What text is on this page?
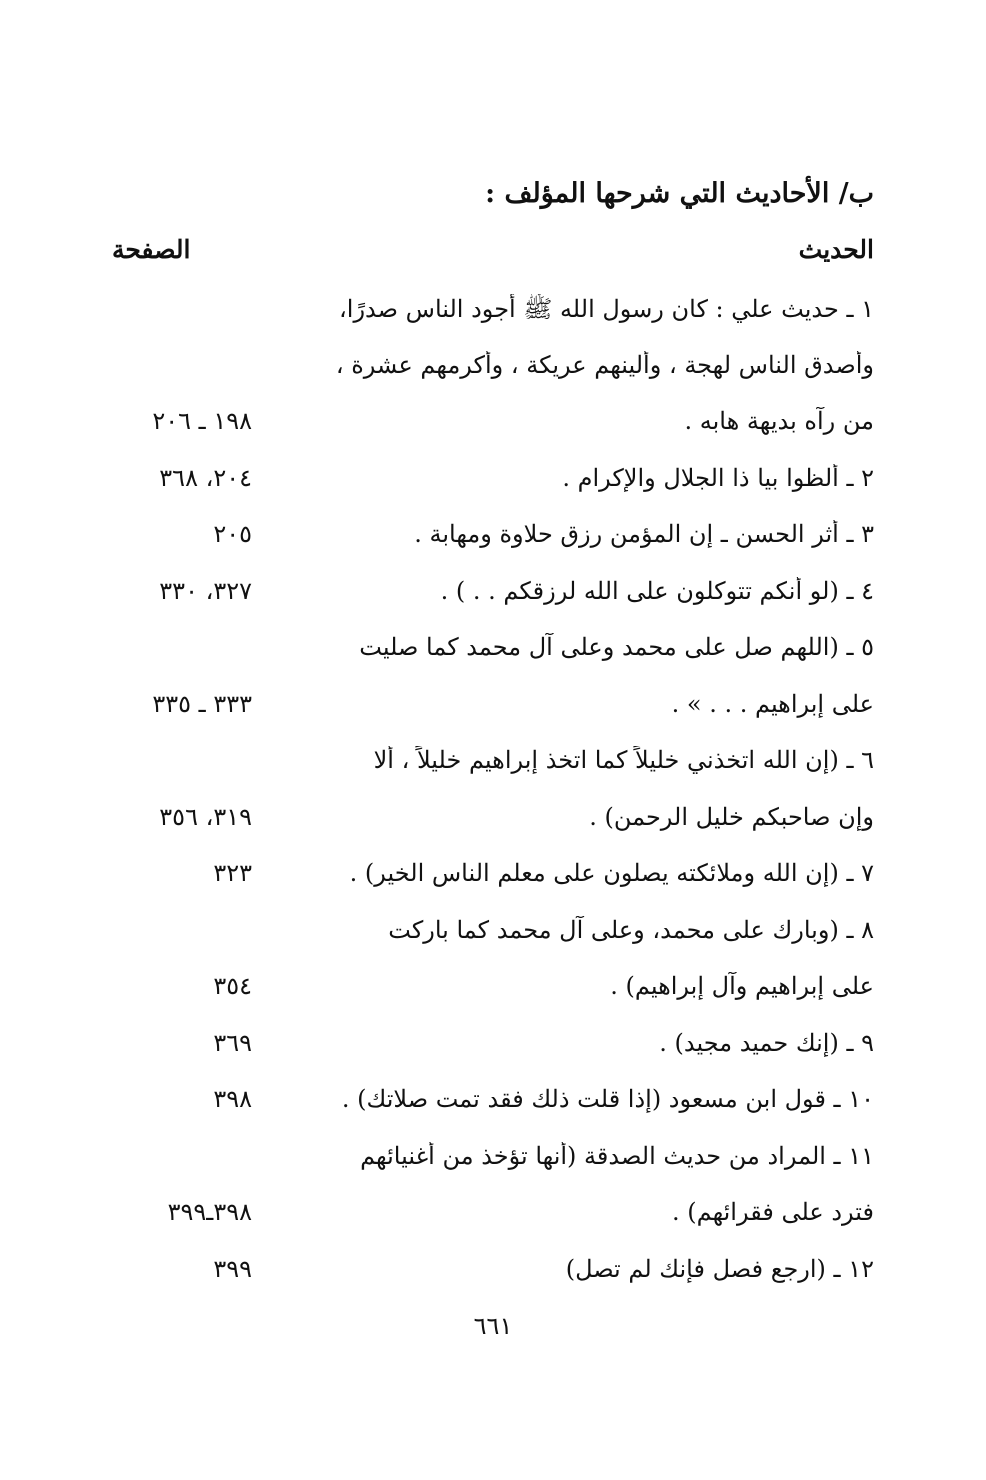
ب/ الأحاديث التي شرحها المؤلف :
الحديث
الصفحة
١ ـ حديث علي : كان رسول الله ﷺ أجود الناس صدرًا،
وأصدق الناس لهجة ، وألينهم عريكة ، وأكرمهم عشرة ،
من رآه بديهة هابه .
١٩٨ ـ ٢٠٦
٢ ـ ألظوا بيا ذا الجلال والإكرام .
٢٠٤، ٣٦٨
٣ ـ أثر الحسن ـ إن المؤمن رزق حلاوة ومهابة .
٢٠٥
٤ ـ (لو أنكم تتوكلون على الله لرزقكم . . ) .
٣٢٧، ٣٣٠
٥ ـ (اللهم صل على محمد وعلى آل محمد كما صليت
على إبراهيم . . . » .
٣٣٣ ـ ٣٣٥
٦ ـ (إن الله اتخذني خليلاً كما اتخذ إبراهيم خليلاً ، ألا
وإن صاحبكم خليل الرحمن) .
٣١٩، ٣٥٦
٧ ـ (إن الله وملائكته يصلون على معلم الناس الخير) .
٣٢٣
٨ ـ (وبارك على محمد، وعلى آل محمد كما باركت
على إبراهيم وآل إبراهيم) .
٣٥٤
٩ ـ (إنك حميد مجيد) .
٣٦٩
١٠ ـ قول ابن مسعود (إذا قلت ذلك فقد تمت صلاتك) .
٣٩٨
١١ ـ المراد من حديث الصدقة (أنها تؤخذ من أغنيائهم
فترد على فقرائهم) .
٣٩٨ـ٣٩٩
١٢ ـ (ارجع فصل فإنك لم تصل)
٣٩٩
٦٦١
